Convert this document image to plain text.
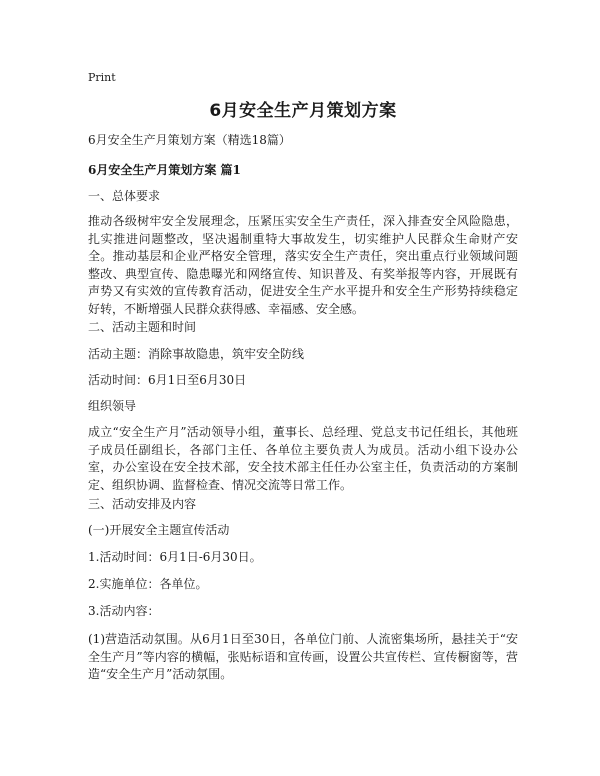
Print
6月安全生产月策划方案
6月安全生产月策划方案（精选18篇）
6月安全生产月策划方案 篇1
一、总体要求
推动各级树牢安全发展理念，压紧压实安全生产责任，深入排查安全风险隐患，扎实推进问题整改，坚决遏制重特大事故发生，切实维护人民群众生命财产安全。推动基层和企业严格安全管理，落实安全生产责任，突出重点行业领域问题整改、典型宣传、隐患曝光和网络宣传、知识普及、有奖举报等内容，开展既有声势又有实效的宣传教育活动，促进安全生产水平提升和安全生产形势持续稳定好转，不断增强人民群众获得感、幸福感、安全感。
二、活动主题和时间
活动主题：消除事故隐患，筑牢安全防线
活动时间：6月1日至6月30日
组织领导
成立“安全生产月”活动领导小组，董事长、总经理、党总支书记任组长，其他班子成员任副组长，各部门主任、各单位主要负责人为成员。活动小组下设办公室，办公室设在安全技术部，安全技术部主任任办公室主任，负责活动的方案制定、组织协调、监督检查、情况交流等日常工作。
三、活动安排及内容
(一)开展安全主题宣传活动
1.活动时间：6月1日-6月30日。
2.实施单位：各单位。
3.活动内容：
(1)营造活动氛围。从6月1日至30日，各单位门前、人流密集场所，悬挂关于“安全生产月”等内容的横幅，张贴标语和宣传画，设置公共宣传栏、宣传橱窗等，营造“安全生产月”活动氛围。
